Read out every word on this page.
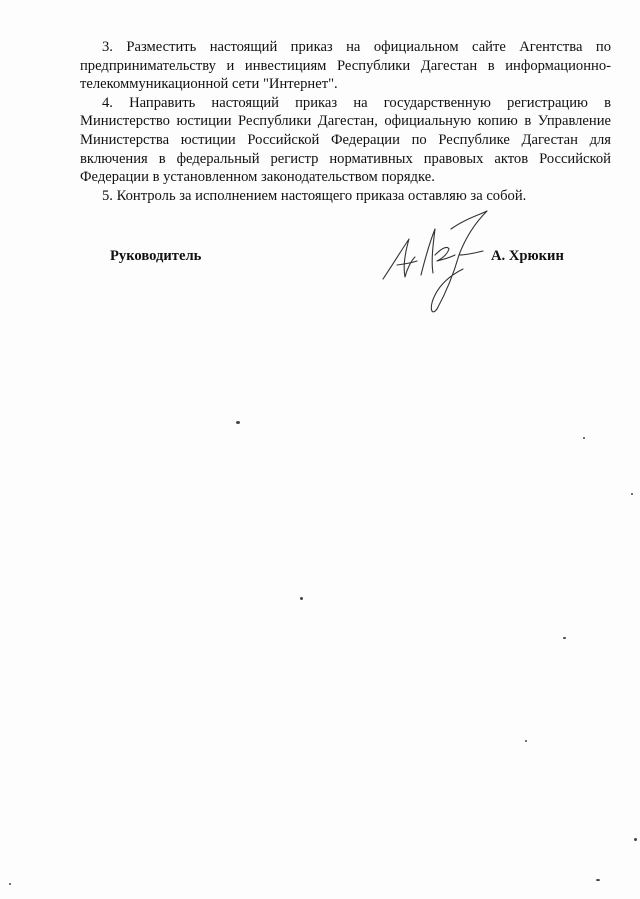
3. Разместить настоящий приказ на официальном сайте Агентства по предпринимательству и инвестициям Республики Дагестан в информационно-телекоммуникационной сети "Интернет".

4. Направить настоящий приказ на государственную регистрацию в Министерство юстиции Республики Дагестан, официальную копию в Управление Министерства юстиции Российской Федерации по Республике Дагестан для включения в федеральный регистр нормативных правовых актов Российской Федерации в установленном законодательством порядке.

5. Контроль за исполнением настоящего приказа оставляю за собой.

Руководитель	А. Хрюкин
